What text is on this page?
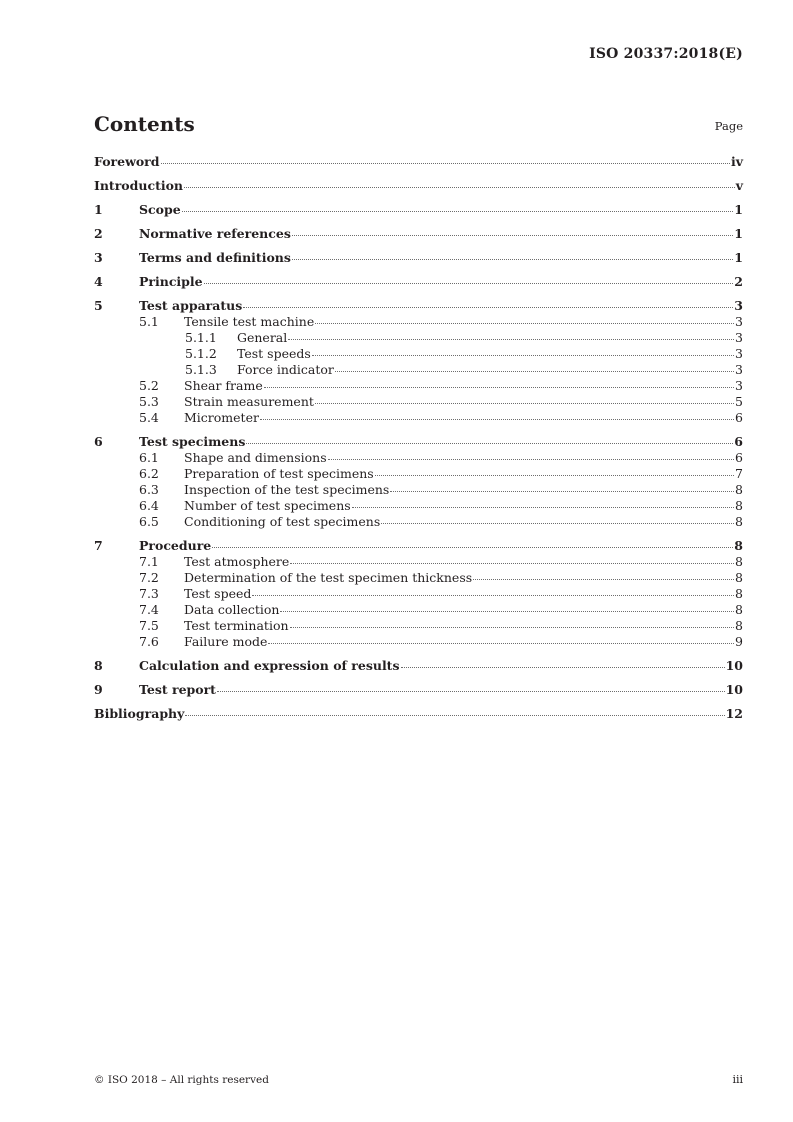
ISO 20337:2018(E)
Contents	Page
Foreword	iv
Introduction	v
1	Scope	1
2	Normative references	1
3	Terms and definitions	1
4	Principle	2
5	Test apparatus	3
5.1	Tensile test machine	3
5.1.1	General	3
5.1.2	Test speeds	3
5.1.3	Force indicator	3
5.2	Shear frame	3
5.3	Strain measurement	5
5.4	Micrometer	6
6	Test specimens	6
6.1	Shape and dimensions	6
6.2	Preparation of test specimens	7
6.3	Inspection of the test specimens	8
6.4	Number of test specimens	8
6.5	Conditioning of test specimens	8
7	Procedure	8
7.1	Test atmosphere	8
7.2	Determination of the test specimen thickness	8
7.3	Test speed	8
7.4	Data collection	8
7.5	Test termination	8
7.6	Failure mode	9
8	Calculation and expression of results	10
9	Test report	10
Bibliography	12
© ISO 2018 – All rights reserved	iii
